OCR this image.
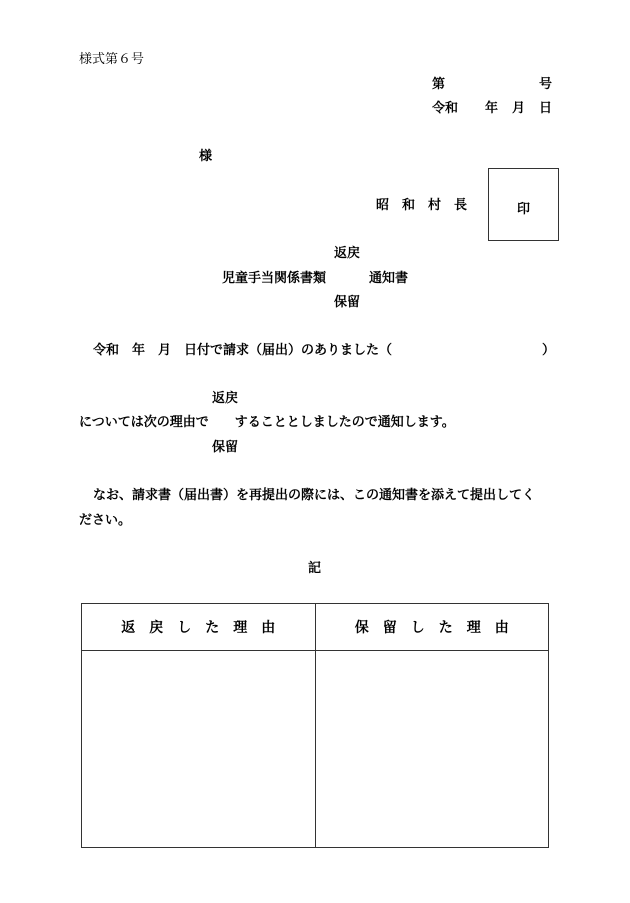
様式第６号
第	号
令和 年 月 日
様
昭　和　村　長	印
返戻
児童手当関係書類	通知書
保留
令和　年　月　日付で請求（届出）のありました（	）
返戻
については次の理由で　　することとしましたので通知します。
保留
なお、請求書（届出書）を再提出の際には、この通知書を添えて提出してく
ださい。
記
返　戻　し　た　理　由	保　留　し　た　理　由
